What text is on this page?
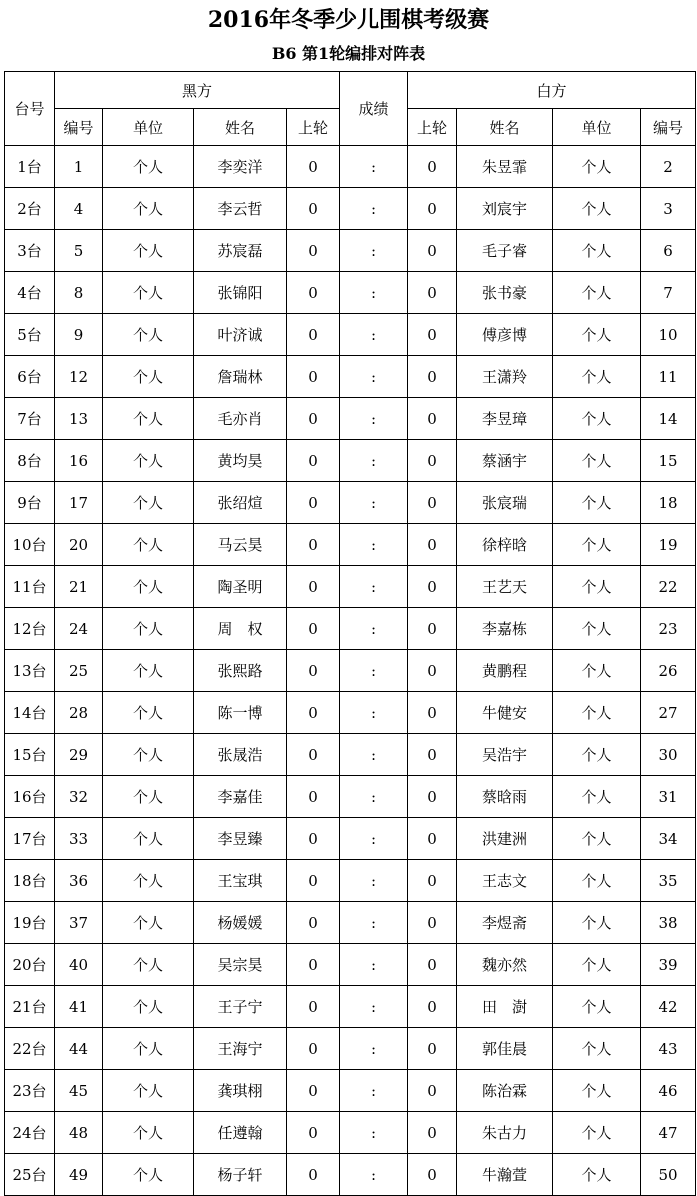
2016年冬季少儿围棋考级赛
B6 第1轮编排对阵表
台号	黑方				成绩	白方			
	编号	单位	姓名	上轮		上轮	姓名	单位	编号
1台	1	个人	李奕洋	0	:	0	朱昱霏	个人	2
2台	4	个人	李云哲	0	:	0	刘宸宇	个人	3
3台	5	个人	苏宸磊	0	:	0	毛子睿	个人	6
4台	8	个人	张锦阳	0	:	0	张书豪	个人	7
5台	9	个人	叶济诚	0	:	0	傅彦博	个人	10
6台	12	个人	詹瑞林	0	:	0	王潇羚	个人	11
7台	13	个人	毛亦肖	0	:	0	李昱璋	个人	14
8台	16	个人	黄均昊	0	:	0	蔡涵宇	个人	15
9台	17	个人	张绍煊	0	:	0	张宸瑞	个人	18
10台	20	个人	马云昊	0	:	0	徐梓晗	个人	19
11台	21	个人	陶圣明	0	:	0	王艺天	个人	22
12台	24	个人	周　权	0	:	0	李嘉栋	个人	23
13台	25	个人	张熙路	0	:	0	黄鹏程	个人	26
14台	28	个人	陈一博	0	:	0	牛健安	个人	27
15台	29	个人	张晟浩	0	:	0	吴浩宇	个人	30
16台	32	个人	李嘉佳	0	:	0	蔡晗雨	个人	31
17台	33	个人	李昱臻	0	:	0	洪建洲	个人	34
18台	36	个人	王宝琪	0	:	0	王志文	个人	35
19台	37	个人	杨媛媛	0	:	0	李煜斋	个人	38
20台	40	个人	吴宗昊	0	:	0	魏亦然	个人	39
21台	41	个人	王子宁	0	:	0	田　澍	个人	42
22台	44	个人	王海宁	0	:	0	郭佳晨	个人	43
23台	45	个人	龚琪栩	0	:	0	陈治霖	个人	46
24台	48	个人	任遵翰	0	:	0	朱古力	个人	47
25台	49	个人	杨子轩	0	:	0	牛瀚萱	个人	50
